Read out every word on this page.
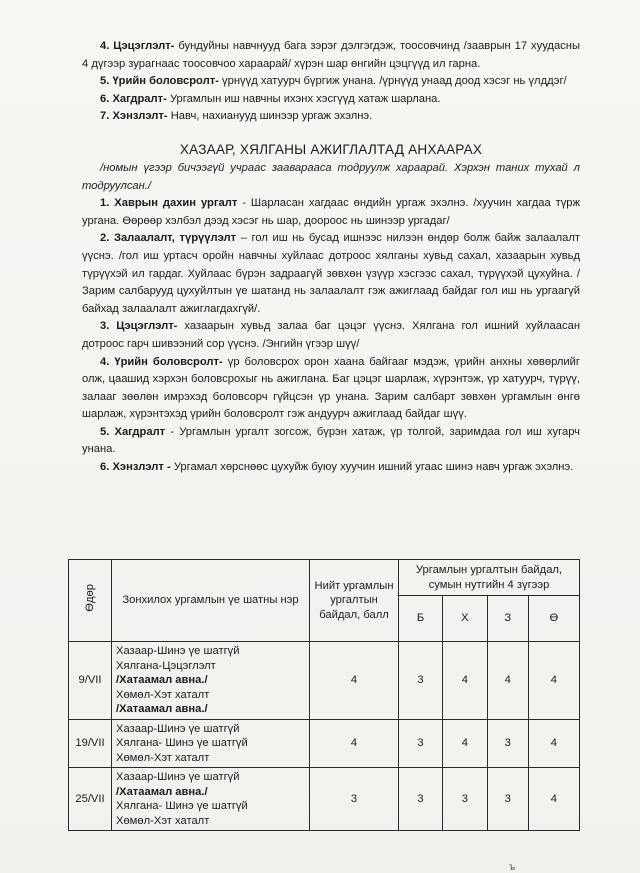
4. Цэцэглэлт- бундуйны навчнууд бага зэрэг дэлгэгдэж, тоосовчинд /заавpын 17 хуудасны 4 дүгээр зурагнаас тоосовчоо хараарай/ хүрэн шар өнгийн цэцгүүд ил гарна.

5. Үрийн боловсролт- үрнүүд хатуурч бүргиж унана. /үрнүүд унаад доод хэсэг нь үлддэг/

6. Хагдралт- Ургамлын иш навчны ихэнх хэсгүүд хатаж шарлана.

7. Хэнзлэлт- Навч, нахианууд шинээр ургаж эхэлнэ.

ХАЗААР, ХЯЛГАНЫ АЖИГЛАЛТАД АНХААРАХ

/номын үгээр бичээгүй учраас зааварааса тодруулж хараарай. Хэрхэн таних тухай л тодруулсан./

1. Хаврын дахин ургалт - Шарласан хагдаас өндийн ургаж эхэлнэ. /хуучин хагдаа түрж ургана. Өөрөөр хэлбэл дээд хэсэг нь шар, доороос нь шинээр ургадаг/

2. Залаалалт, түрүүлэлт – гол иш нь бусад ишнээс нилээн өндөр болж байж залаалалт үүснэ. /гол иш уртасч оройн навчны хуйлаас дотроос хялганы хувьд сахал, хазаарын хувьд түрүүхэй ил гардаг. Хуйлаас бүрэн задраагүй зөвхөн үзүүр хэсгээс сахал, түрүүхэй цухуйна. /Зарим салбарууд цухуйлтын үе шатанд нь залаалалт гэж ажиглаад байдаг гол иш нь ургаагүй байхад залаалалт ажиглагдахгүй/.

3. Цэцэглэлт- хазаарын хувьд залаа баг цэцэг үүснэ. Хялгана гол ишний хуйлаасан дотроос гарч шивээний сор үүснэ. /Энгийн үгээр шүү/

4. Үрийн боловсролт- үр боловсрох орон хаана байгааг мэдэж, үрийн анхны хөвөрлийг олж, цаашид хэрхэн боловсрохыг нь ажиглана. Баг цэцэг шарлаж, хүрэнтэж, үр хатуурч, түрүү, залааг зөөлөн имрэхэд боловсорч гүйцсэн үр унана. Зарим салбарт зөвхөн ургамлын өнгө шарлаж, хүрэнтэхэд үрийн боловсролт гэж андуурч ажиглаад байдаг шүү.

5. Хагдралт - Ургамлын ургалт зогсож, бүрэн хатаж, үр толгой, заримдаа гол иш хугарч унана.

6. Хэнзлэлт - Ургамал хөрснөөс цухуйж буюу хуучин ишний угаас шинэ навч ургаж эхэлнэ.

Өдөр	Зонхилох ургамлын үе шатны нэр	Нийт ургамлын ургалтын байдал, балл	Ургамлын ургалтын байдал, сумын нутгийн 4 зүгээр			
			Б	Х	З	Ө
9/VII	Хазаар-Шинэ үе шатгүй
Хялгана-Цэцэглэлт
/Хатаамал авна./
Хөмөл-Хэт хаталт
/Хатаамал авна./	4	3	4	4	4
19/VII	Хазаар-Шинэ үе шатгүй
Хялгана- Шинэ үе шатгүй
Хөмөл-Хэт хаталт	4	3	4	3	4
25/VII	Хазаар-Шинэ үе шатгүй
/Хатаамал авна./
Хялгана- Шинэ үе шатгүй
Хөмөл-Хэт хаталт	3	3	3	3	4
ъ
